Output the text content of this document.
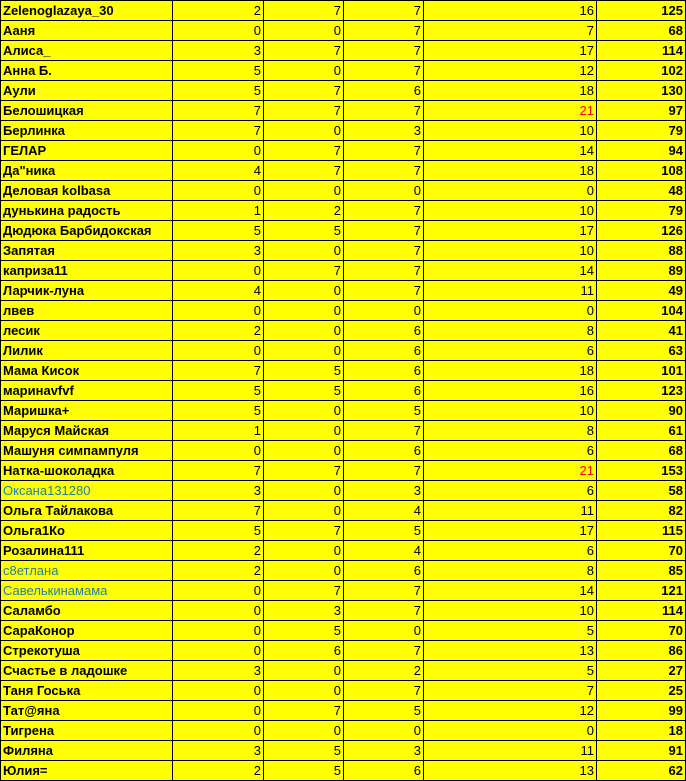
Zelenoglazaya_30	2	7	7	16	125
Ааня	0	0	7	7	68
Алиса_	3	7	7	17	114
Анна Б.	5	0	7	12	102
Аули	5	7	6	18	130
Белошицкая	7	7	7	21	97
Берлинка	7	0	3	10	79
ГЕЛАР	0	7	7	14	94
Да"ника	4	7	7	18	108
Деловая kolbasa	0	0	0	0	48
дунькина радость	1	2	7	10	79
Дюдюка Барбидокская	5	5	7	17	126
Запятая	3	0	7	10	88
каприза11	0	7	7	14	89
Ларчик-луна	4	0	7	11	49
лвев	0	0	0	0	104
лесик	2	0	6	8	41
Лилик	0	0	6	6	63
Мама Кисок	7	5	6	18	101
маринаvfvf	5	5	6	16	123
Маришка+	5	0	5	10	90
Маруся Майская	1	0	7	8	61
Машуня симпампуля	0	0	6	6	68
Натка-шоколадка	7	7	7	21	153
Оксана131280	3	0	3	6	58
Ольга Тайлакова	7	0	4	11	82
Ольга1Ко	5	7	5	17	115
Розалина111	2	0	4	6	70
с8етлана	2	0	6	8	85
Савелькинамама	0	7	7	14	121
Саламбо	0	3	7	10	114
СараКонор	0	5	0	5	70
Стрекотуша	0	6	7	13	86
Счастье в ладошке	3	0	2	5	27
Таня Госька	0	0	7	7	25
Тат@яна	0	7	5	12	99
Тигрена	0	0	0	0	18
Филяна	3	5	3	11	91
Юлия=	2	5	6	13	62
